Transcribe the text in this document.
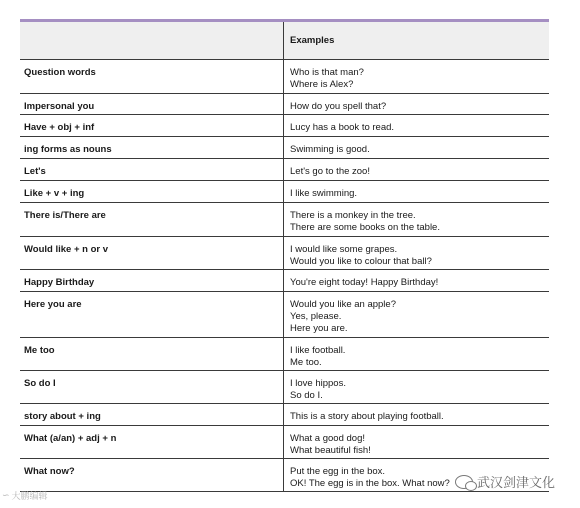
Examples
Question words	Who is that man?
Where is Alex?
Impersonal you	How do you spell that?
Have + obj + inf	Lucy has a book to read.
ing forms as nouns	Swimming is good.
Let's	Let's go to the zoo!
Like + v + ing	I like swimming.
There is/There are	There is a monkey in the tree.
There are some books on the table.
Would like + n or v	I would like some grapes.
Would you like to colour that ball?
Happy Birthday	You're eight today! Happy Birthday!
Here you are	Would you like an apple?
Yes, please.
Here you are.
Me too	I like football.
Me too.
So do I	I love hippos.
So do I.
story about + ing	This is a story about playing football.
What (a/an) + adj + n	What a good dog!
What beautiful fish!
What now?	Put the egg in the box.
OK! The egg is in the box. What now?
∽ 大鹏编辑
武汉剑津文化
